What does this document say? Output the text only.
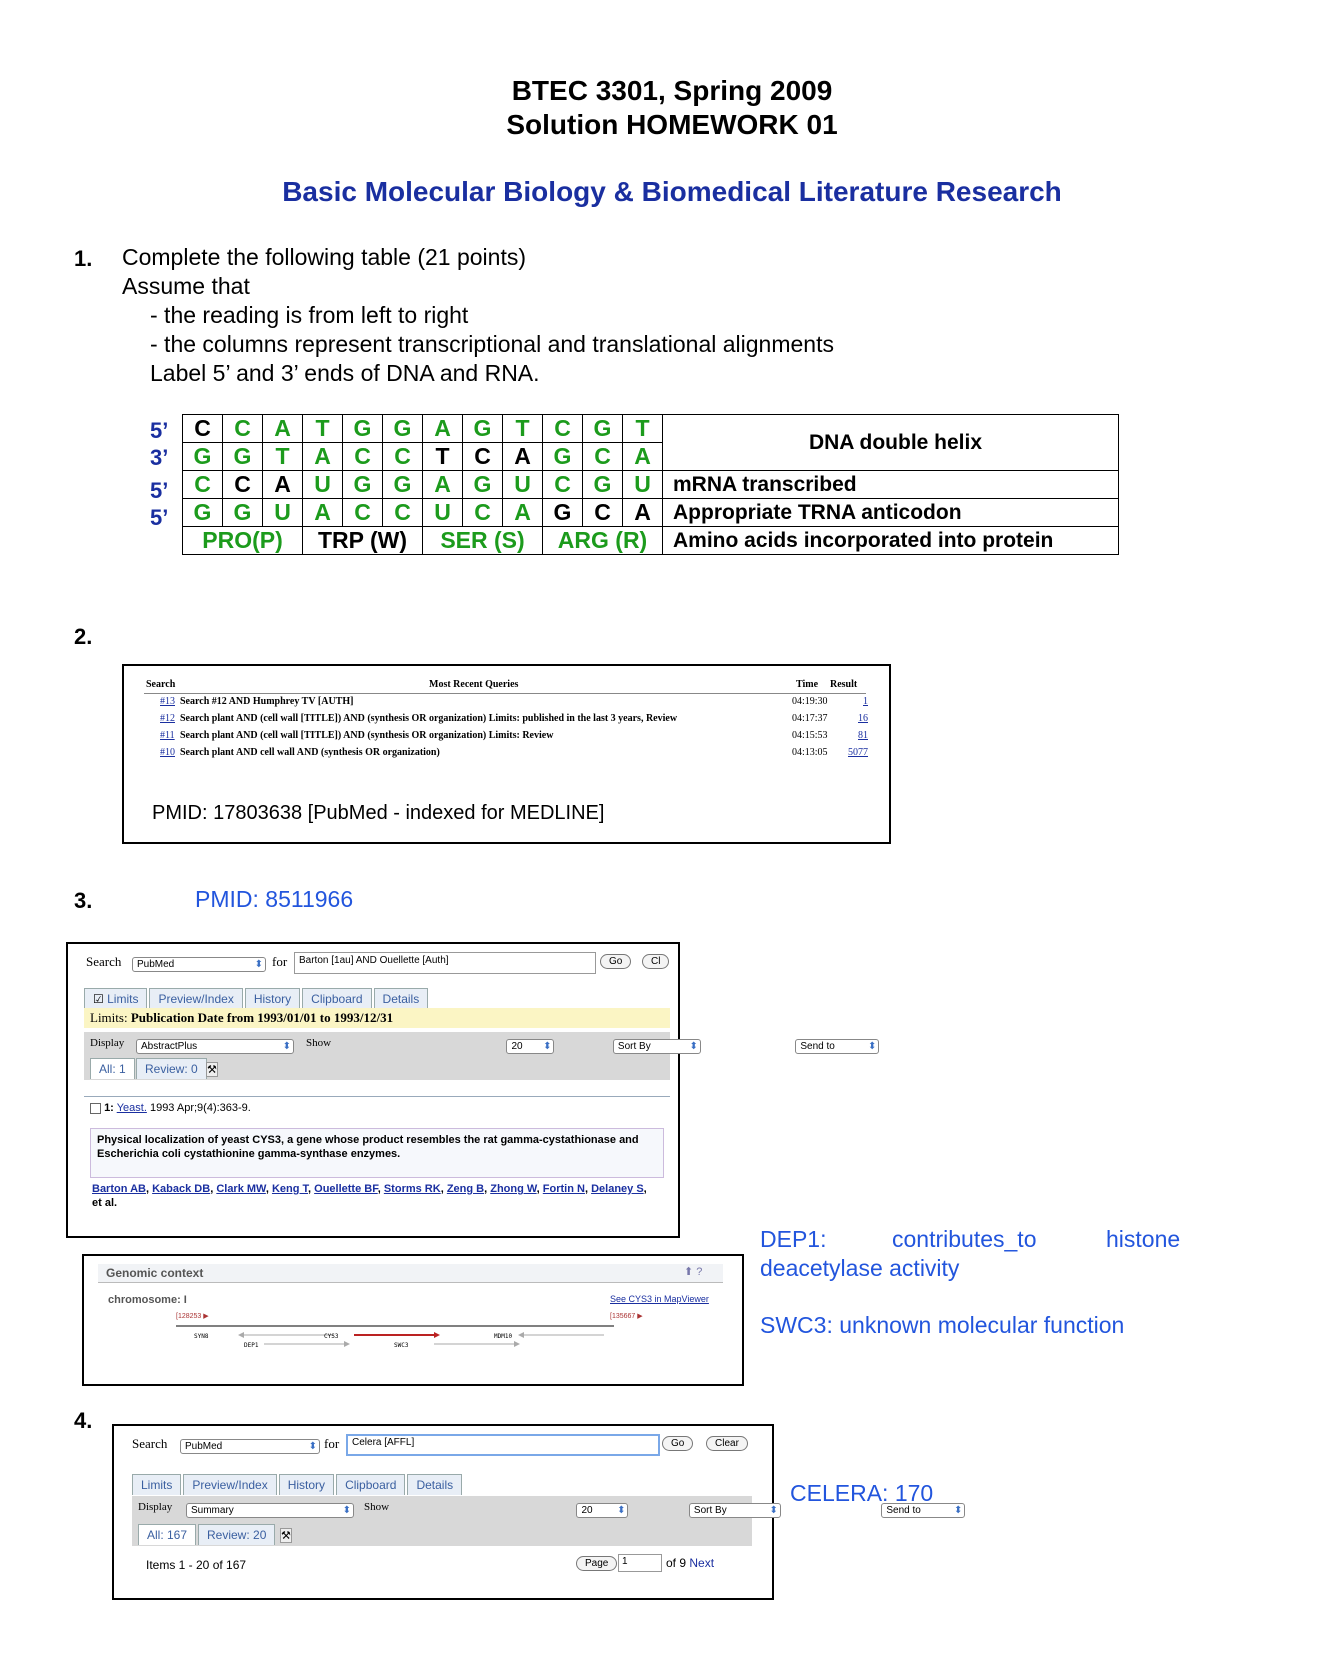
BTEC 3301, Spring 2009
Solution HOMEWORK 01
Basic Molecular Biology & Biomedical Literature Research
1. Complete the following table (21 points)
Assume that
- the reading is from left to right
- the columns represent transcriptional and translational alignments
Label 5’ and 3’ ends of DNA and RNA.
5’
3’
5’
5’
C	C	A	T	G	G	A	G	T	C	G	T	DNA double helix
G	G	T	A	C	C	T	C	A	G	C	A	
C	C	A	U	G	G	A	G	U	C	G	U	mRNA transcribed
G	G	U	A	C	C	U	C	A	G	C	A	Appropriate TRNA anticodon
PRO(P)			TRP (W)			SER (S)			ARG (R)			Amino acids incorporated into protein
2.
Search	Most Recent Queries	Time Result
#13 Search #12 AND Humphrey TV [AUTH]	04:19:30	1
#12 Search plant AND (cell wall [TITLE]) AND (synthesis OR organization) Limits: published in the last 3 years, Review	04:17:37	16
#11 Search plant AND (cell wall [TITLE]) AND (synthesis OR organization) Limits: Review	04:15:53	81
#10 Search plant AND cell wall AND (synthesis OR organization)	04:13:05 5077
PMID: 17803638 [PubMed - indexed for MEDLINE]
3.	PMID: 8511966
Search PubMed	⬍ for	Barton [1au] AND Ouellette [Auth]	Go	Cl
☑ Limits Preview/Index History Clipboard Details
Limits: Publication Date from 1993/01/01 to 1993/12/31
Display AbstractPlus	⬍
Show	20 ⬍	Sort By	⬍	Send to	⬍
All: 1	Review: 0 ⚒
1: Yeast. 1993 Apr;9(4):363-9.
Physical localization of yeast CYS3, a gene whose product resembles the rat gamma-cystathionase and Escherichia coli cystathionine gamma-synthase enzymes.
Barton AB, Kaback DB, Clark MW, Keng T, Ouellette BF, Storms RK, Zeng B, Zhong W, Fortin N, Delaney S, et al.
Genomic context	⬆ ?
chromosome: I	See CYS3 in MapViewer
[128253 ▶	[135667 ▶
SYN8	CYS3	MDM10
DEP1	SWC3
DEP1:	contributes_to	histone
deacetylase activity
SWC3: unknown molecular function
4.
Search PubMed	⬍ for	Celera [AFFL]	Go	Clear
Limits Preview/Index History Clipboard Details
Display Summary	⬍
Show	20 ⬍	Sort By	⬍	Send to	⬍
All: 167	Review: 20	⚒
Items 1 - 20 of 167	Page	1	of 9 Next
CELERA: 170
